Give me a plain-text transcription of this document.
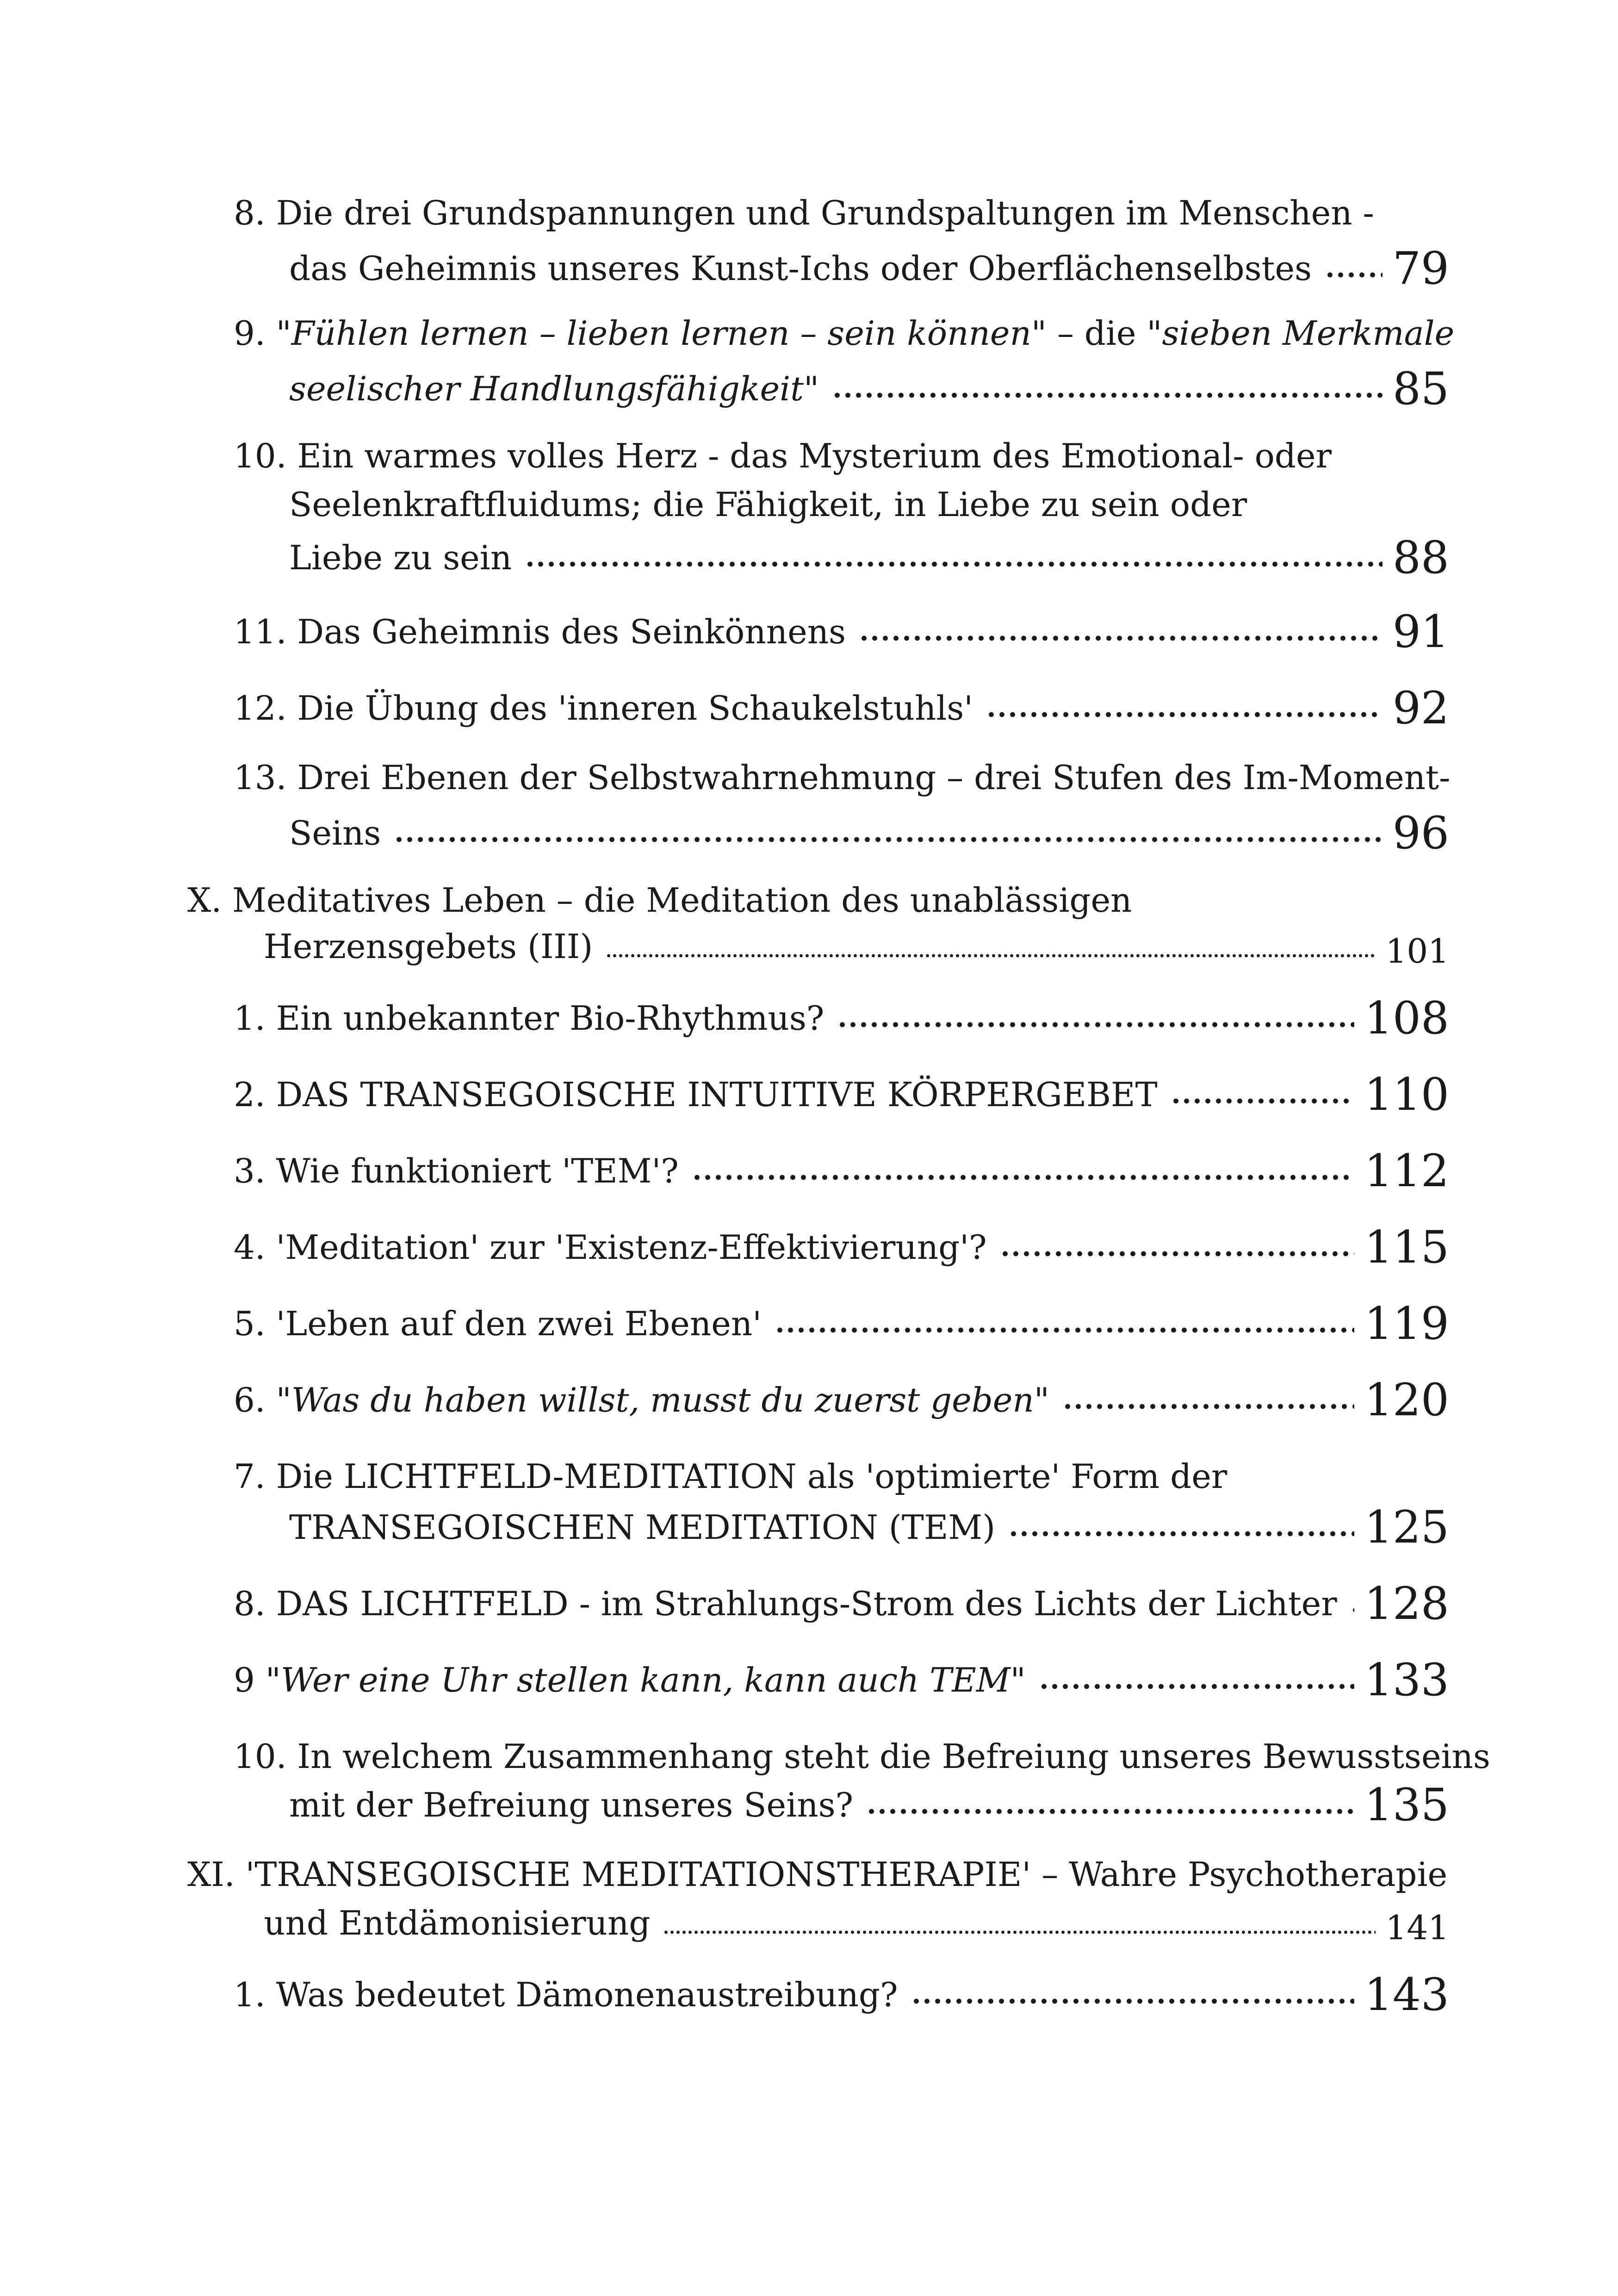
8. Die drei Grundspannungen und Grundspaltungen im Menschen -
das Geheimnis unseres Kunst-Ichs oder Oberflächenselbstes 79
9. "Fühlen lernen – lieben lernen – sein können" – die "sieben Merkmale
seelischer Handlungsfähigkeit"	85
10. Ein warmes volles Herz - das Mysterium des Emotional- oder
Seelenkraftfluidums; die Fähigkeit, in Liebe zu sein oder
Liebe zu sein	88
11. Das Geheimnis des Seinkönnens	91
12. Die Übung des 'inneren Schaukelstuhls'	92
13. Drei Ebenen der Selbstwahrnehmung – drei Stufen des Im-Moment-
Seins	96
X. Meditatives Leben – die Meditation des unablässigen
Herzensgebets (III)	101
1. Ein unbekannter Bio-Rhythmus?	108
2. DAS TRANSEGOISCHE INTUITIVE KÖRPERGEBET	110
3. Wie funktioniert 'TEM'?	112
4. 'Meditation' zur 'Existenz-Effektivierung'?	115
5. 'Leben auf den zwei Ebenen'	119
6. "Was du haben willst, musst du zuerst geben"	120
7. Die LICHTFELD-MEDITATION als 'optimierte' Form der
TRANSEGOISCHEN MEDITATION (TEM)	125
8. DAS LICHTFELD - im Strahlungs-Strom des Lichts der Lichter 128
9 "Wer eine Uhr stellen kann, kann auch TEM"	133
10. In welchem Zusammenhang steht die Befreiung unseres Bewusstseins
mit der Befreiung unseres Seins?	135
XI. 'TRANSEGOISCHE MEDITATIONSTHERAPIE' – Wahre Psychotherapie
und Entdämonisierung	141
1. Was bedeutet Dämonenaustreibung?	143
